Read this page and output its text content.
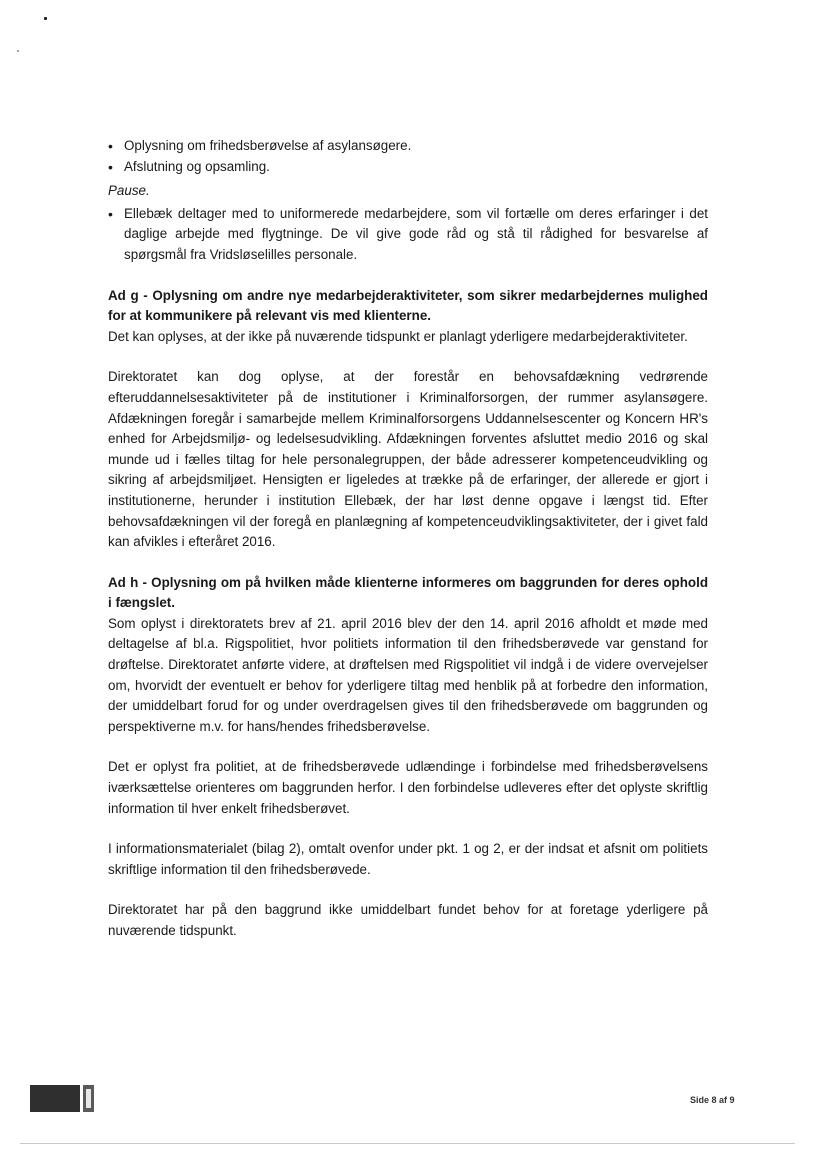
• Oplysning om frihedsberøvelse af asylansøgere.
• Afslutning og opsamling.

Pause.

• Ellebæk deltager med to uniformerede medarbejdere, som vil fortælle om deres erfaringer i det daglige arbejde med flygtninge. De vil give gode råd og stå til rådighed for besvarelse af spørgsmål fra Vridsløselilles personale.

Ad g - Oplysning om andre nye medarbejderaktiviteter, som sikrer medarbejdernes mulighed for at kommunikere på relevant vis med klienterne.

Det kan oplyses, at der ikke på nuværende tidspunkt er planlagt yderligere medarbejderaktiviteter.

Direktoratet kan dog oplyse, at der forestår en behovsafdækning vedrørende efteruddannelsesaktiviteter på de institutioner i Kriminalforsorgen, der rummer asylansøgere. Afdækningen foregår i samarbejde mellem Kriminalforsorgens Uddannelsescenter og Koncern HR's enhed for Arbejdsmiljø- og ledelsesudvikling. Afdækningen forventes afsluttet medio 2016 og skal munde ud i fælles tiltag for hele personalegruppen, der både adresserer kompetenceudvikling og sikring af arbejdsmiljøet. Hensigten er ligeledes at trække på de erfaringer, der allerede er gjort i institutionerne, herunder i institution Ellebæk, der har løst denne opgave i længst tid. Efter behovsafdækningen vil der foregå en planlægning af kompetenceudviklingsaktiviteter, der i givet fald kan afvikles i efteråret 2016.

Ad h - Oplysning om på hvilken måde klienterne informeres om baggrunden for deres ophold i fængslet.

Som oplyst i direktoratets brev af 21. april 2016 blev der den 14. april 2016 afholdt et møde med deltagelse af bl.a. Rigspolitiet, hvor politiets information til den frihedsberøvede var genstand for drøftelse. Direktoratet anførte videre, at drøftelsen med Rigspolitiet vil indgå i de videre overvejelser om, hvorvidt der eventuelt er behov for yderligere tiltag med henblik på at forbedre den information, der umiddelbart forud for og under overdragelsen gives til den frihedsberøvede om baggrunden og perspektiverne m.v. for hans/hendes frihedsberøvelse.

Det er oplyst fra politiet, at de frihedsberøvede udlændinge i forbindelse med frihedsberøvelsens iværksættelse orienteres om baggrunden herfor. I den forbindelse udleveres efter det oplyste skriftlig information til hver enkelt frihedsberøvet.

I informationsmaterialet (bilag 2), omtalt ovenfor under pkt. 1 og 2, er der indsat et afsnit om politiets skriftlige information til den frihedsberøvede.

Direktoratet har på den baggrund ikke umiddelbart fundet behov for at foretage yderligere på nuværende tidspunkt.

Side 8 af 9
